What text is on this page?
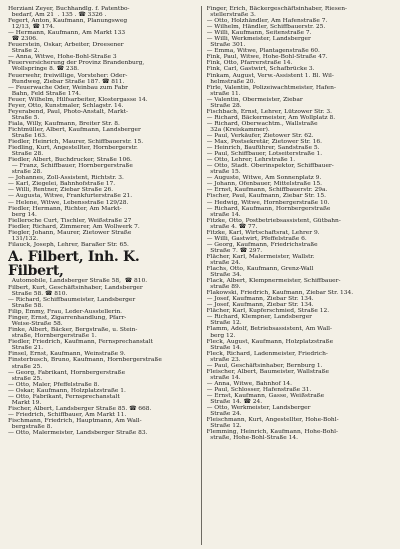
Herziani Zeyer, Buchhandlg. f. Patentbo-

bedarf, Am 21  . 135 . ☎ 3326 .

Fegert, Anton, Kaufmann, Planungsweg

12/13, ☎ 174.

— Hermann, Kaufmann, Am Markt 133

☎ 2306.

Feuerstein, Oskar, Arbeiter, Dreesener

Straße 2.

— Anna, Witwe, Hohe-Bohl-Straße 3

Feuerversicherung der Provinz Brandenburg,

Wollspringe 8. ☎ 238.

Feuerwehr, freiwillige, Vorsteher: Oder-

Rundweg, Ziebar Straße 187. ☎ 811.

— Feuerwache Oder, Weinbau zum Fabr

Bahn, Feld Straße 174.

Feuer, Wilhelm, Hilfsarbeiter, Klostergasse 14.

Feyer, Otto, Kunstmaler, Schlagstr. 14.

Feyerabend, Paul, Photo-Anstalt, Markt-

Straße 5.

Fiala, Willy, Kaufmann, Breiter Str. 8.

Fichtmüller, Albert, Kaufmann, Landsberger

Straße 163.

Fiedler, Heinrich, Maurer, Schiffbauerstr. 15.

Fiedling, Kurt, Angestellter, Hornbergerstr.

Straße 28.

Fiedler, Albert, Buchdrucker, Straße 106.

— Franz, Schiffbauer, Hornbergerstraße

straße 28.

— Johannes, Zoll-Assistent, Richtstr. 3.

— Karl, Ziegelei, Bahnhofstraße 17.

— Willi, Rentner, Ziebar Straße 26.

— Augusta, Witwe, Frankfurterstraße 21.

— Helene, Witwe, Lebensstraße 129/28.

Fiedler, Hermann, Richter, Am Markt-

berg 14.

Fielleroche Curt, Tischler, Weißstraße 27

Fiedler, Richard, Zimmerer, Am Wollwerk 7.

Fiegler, Johann, Maurer, Zietower Straße

131/132.

Filauck, Joseph, Lehrer, Baraßer Str. 65.

A. Filbert, Inh. K. Filbert,

Automobile, Landsberger Straße 58,  ☎ 810.

Filbert, Kurt, Geschäftsinhaber, Landsberger

Straße 58. ☎ 810.

— Richard, Schiffbaumeister, Landsberger

Straße 58.

Filip, Emmy, Frau, Leder-Ausstellerin.

Finger, Ernst, Zigarrenhandlung, Pfarr-

Weise-Straße 58.

Finke, Albert, Bäcker, Bergstraße, u. Stein-

straße, Hornbergerstraße 1.

Fiedler, Friedrich, Kaufmann, Fernsprechanstalt

Straße 21.

Finsel, Ernst, Kaufmann, Weinstraße 9.

Finsterbusch, Bruno, Kaufmann, Hornbergerstraße

straße 25.

— Georg, Fabrikant, Hornbergerstraße

straße 25.

— Otto, Maler, Pfeffelstraße 8.

— Oskar, Kaufmann, Holzplatzstraße 1.

— Otto, Fabrikant, Fernsprechanstalt

Markt 19.

Fischer, Albert, Landsberger Straße 85. ☎ 668.

— Friedrich, Schiffbauer, Am Markt 11.

Fischmann, Friedrich, Hauptmann, Am Wall-

bergstraße 8.

— Otto, Malermeister, Landsberger Straße 83.

Finger, Erich, Bäckergeschäftsinhaber, Riesen-

stellerstraße 3.

— Otto, Holzhändler, Am Hafenstraße 7.

— Wilhelm, Händler, Schiffbauerstr. 25.

— Willi, Kaufmann, Seitenstraße 7.

— Willi, Werkmeister, Landsberger

Straße 301.

— Emma, Witwe, Plantagenstraße 60.

Fink, Paul, Witwe, Hohe-Bohl-Straße 47.

Fink, Otto, Pfarrerstraße 14.

Fink, Carl, Gastwirt, Schafbrücke 3.

Finkam, August, Verw.-Assistent 1. Bl. Wil-

helmstraße 20.

Firle, Valentin, Polizeiwachtmeister, Hafen-

straße 11.

— Valentin, Obermeister, Ziebar

Straße 28.

Fischbach, Ernst, Lehrer, Lützower Str. 3.

— Richard, Bäckermeister, Am Wollplatz 8.

— Richard, Oberwachtm., Wallstraße

32a (Kreiskammer).

— Paul, Verkäufer, Zietower Str. 62.

— Max, Postsekretär, Zietower Str. 16.

— Heinrich, Bauführer, Sandstraße 5.

— Paul, Schiffbauer, Lotseiterstraße 1.

— Otto, Lehrer, Lehrstraße 1.

— Otto, Stadt. Oberinspektor, Schiffbauer-

straße 15.

— Auguste, Witwe, Am Sonnenplatz 9.

— Johann, Ofenbauer, Mittelstraße 15.

— Ernst, Kaufmann, Schiffbauerstr. 29a.

Fischer, Paul, Kaufmann, Ziebar Str. 15.

— Hedwig, Witwe, Hornbergerstraße 10.

— Richard, Kaufmann, Hornbergerstraße

straße 14.

Fitzke, Otto, Postbetriebsassistent, Gütbahn-

straße 4. ☎ 77.

Fitzke, Karl, Wirtschaftsrat, Lehrer 9.

— Willi, Gastwirt, Pfeffelstraße 6.

— Georg, Kaufmann, Friedrichstraße

Straße 7. ☎ 297.

Flächer, Karl, Malermeister, Wallstr.

straße 24.

Flachs, Otto, Kaufmann, Grenz-Wall

Straße 34.

Flack, Albert, Klempnermeister, Schiffbauer-

straße 89.

Flakowski, Friedrich, Kaufmann, Ziebar Str. 134.

— Josef, Kaufmann, Ziebar Str. 134.

— Josef, Kaufmann, Ziebar Str. 134.

Flächer, Karl, Kupferschmied, Straße 12.

— Richard, Klempner, Landsberger

Straße 12.

Flamm, Adolf, Betriebsassistent, Am Wall-

berg 12.

Fleck, August, Kaufmann, Holzplatzstraße

Straße 14.

Fleck, Richard, Ladenmeister, Friedrich-

straße 23.

— Paul, Geschäftsinhaber, Bernburg 1.

Fleischer, Albert, Baumeister, Wallstraße

straße 14.

— Anna, Witwe, Bahnhof 14.

— Paul, Schlosser, Hafenstraße 31.

— Ernst, Kaufmann, Gasse, Weißstraße

Straße 14. ☎ 24.

— Otto, Werkmeister, Landsberger

Straße 24.

Fleischmann, Kurt, Angestellter, Hohe-Bohl-

Straße 12.

Flemming, Heinrich, Kaufmann, Hohe-Bohl-

straße, Hohe-Bohl-Straße 14.
